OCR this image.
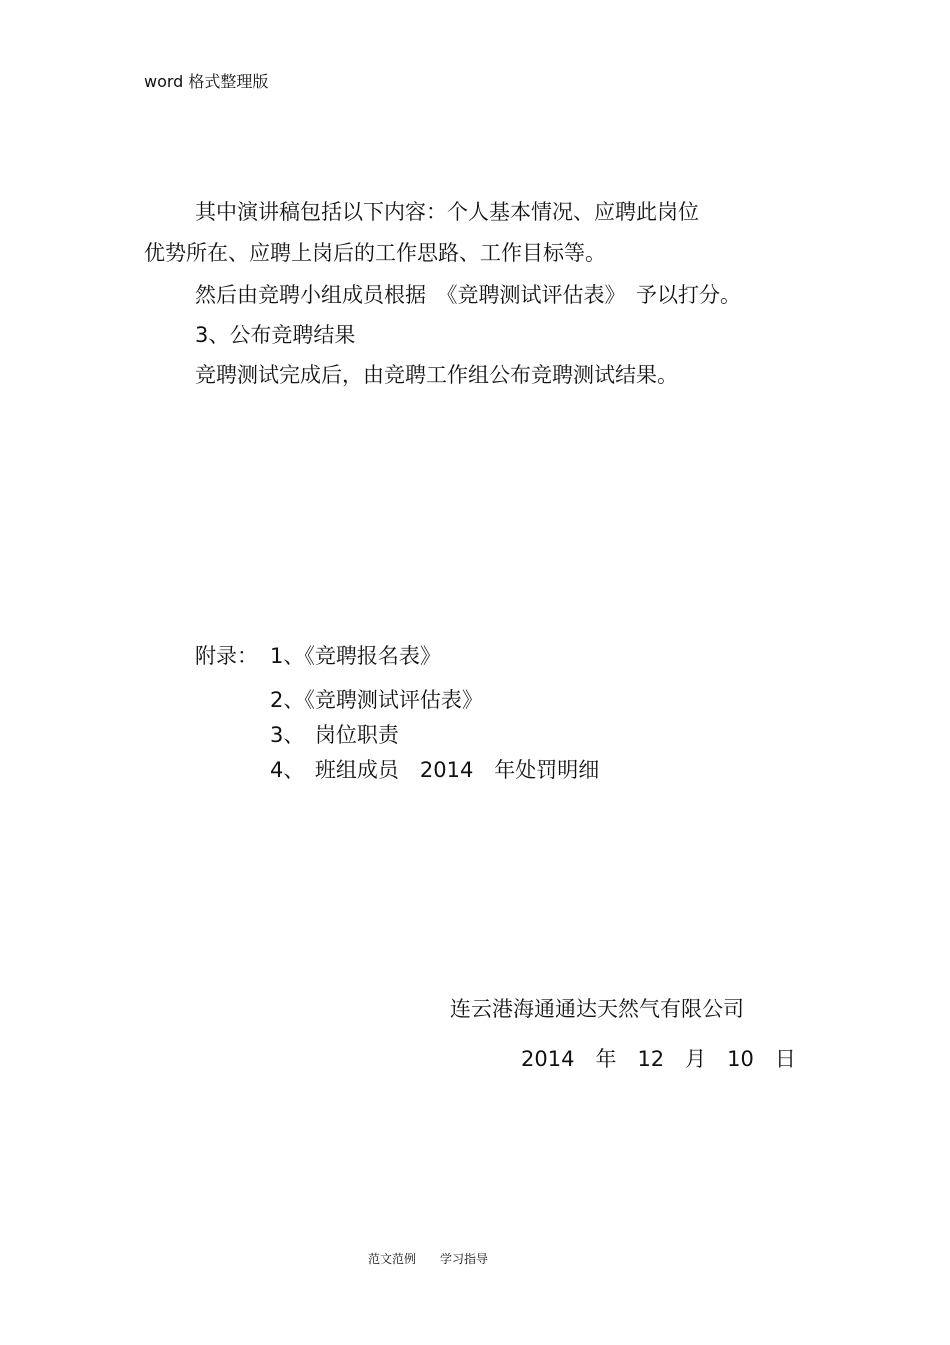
word 格式整理版
其中演讲稿包括以下内容：个人基本情况、应聘此岗位
优势所在、应聘上岗后的工作思路、工作目标等。
然后由竞聘小组成员根据　《竞聘测试评估表》　予以打分。
3、公布竞聘结果
竞聘测试完成后，由竞聘工作组公布竞聘测试结果。
附录： 1、《竞聘报名表》
2、《竞聘测试评估表》
3、　岗位职责
4、　班组成员　2014　年处罚明细
连云港海通通达天然气有限公司
2014　年　12　月　10　日
范文范例　　学习指导
